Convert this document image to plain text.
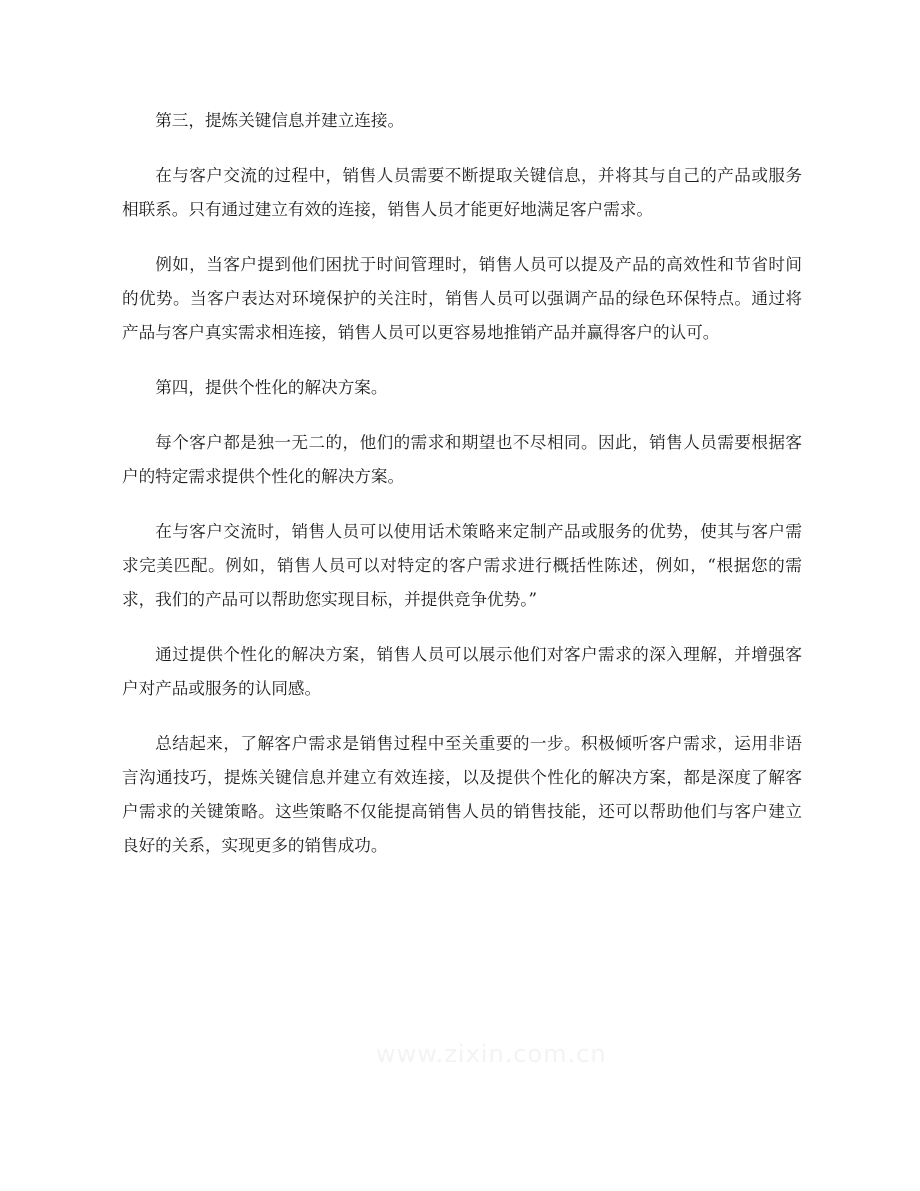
第三，提炼关键信息并建立连接。

在与客户交流的过程中，销售人员需要不断提取关键信息，并将其与自己的产品或服务相联系。只有通过建立有效的连接，销售人员才能更好地满足客户需求。

例如，当客户提到他们困扰于时间管理时，销售人员可以提及产品的高效性和节省时间的优势。当客户表达对环境保护的关注时，销售人员可以强调产品的绿色环保特点。通过将产品与客户真实需求相连接，销售人员可以更容易地推销产品并赢得客户的认可。

第四，提供个性化的解决方案。

每个客户都是独一无二的，他们的需求和期望也不尽相同。因此，销售人员需要根据客户的特定需求提供个性化的解决方案。

在与客户交流时，销售人员可以使用话术策略来定制产品或服务的优势，使其与客户需求完美匹配。例如，销售人员可以对特定的客户需求进行概括性陈述，例如，“根据您的需求，我们的产品可以帮助您实现目标，并提供竞争优势。”

通过提供个性化的解决方案，销售人员可以展示他们对客户需求的深入理解，并增强客户对产品或服务的认同感。

总结起来，了解客户需求是销售过程中至关重要的一步。积极倾听客户需求，运用非语言沟通技巧，提炼关键信息并建立有效连接，以及提供个性化的解决方案，都是深度了解客户需求的关键策略。这些策略不仅能提高销售人员的销售技能，还可以帮助他们与客户建立良好的关系，实现更多的销售成功。

www.zixin.com.cn
